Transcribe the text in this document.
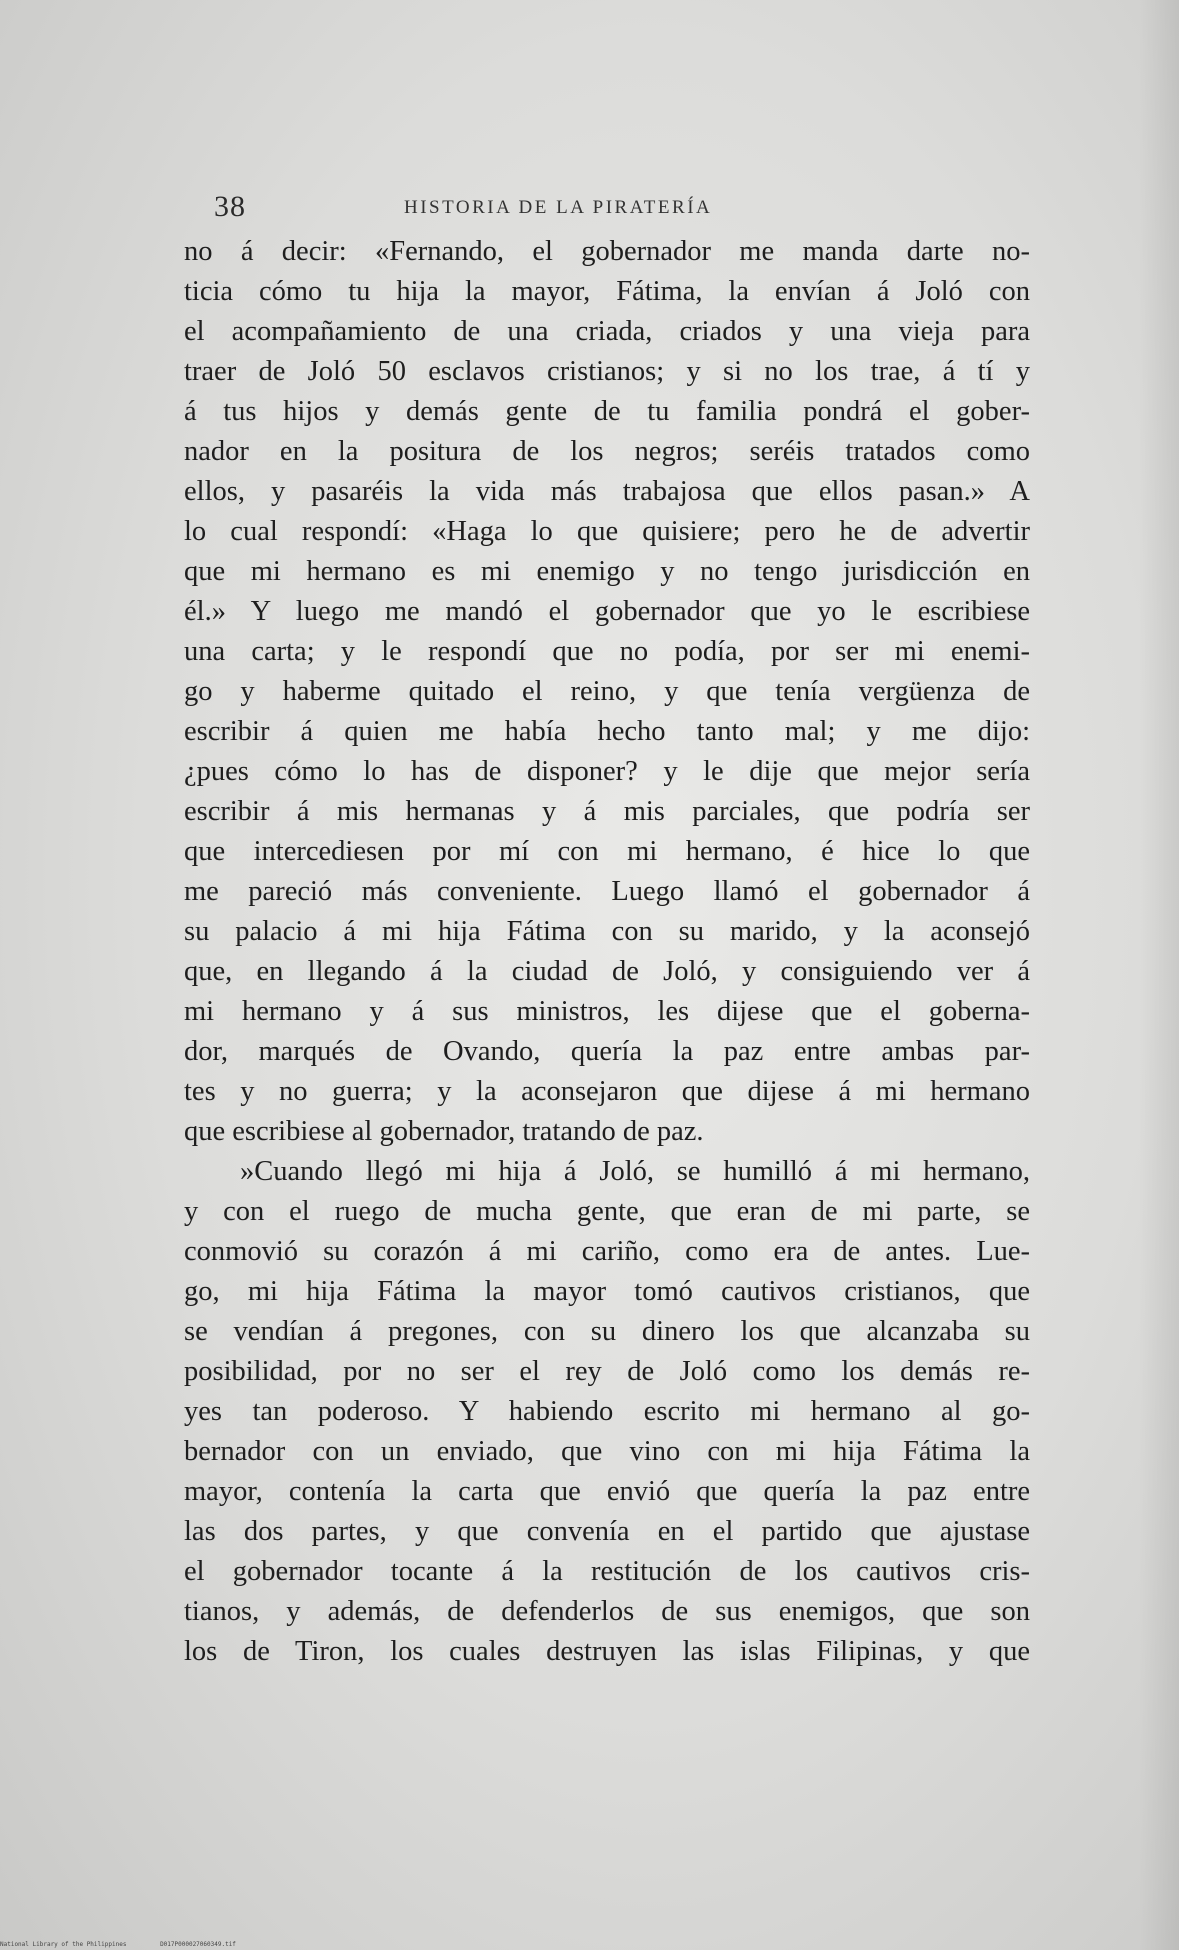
38	HISTORIA DE LA PIRATERÍA
no á decir: «Fernando, el gobernador me manda darte no-
ticia cómo tu hija la mayor, Fátima, la envían á Joló con
el acompañamiento de una criada, criados y una vieja para
traer de Joló 50 esclavos cristianos; y si no los trae, á tí y
á tus hijos y demás gente de tu familia pondrá el gober-
nador en la positura de los negros; seréis tratados como
ellos, y pasaréis la vida más trabajosa que ellos pasan.» A
lo cual respondí: «Haga lo que quisiere; pero he de advertir
que mi hermano es mi enemigo y no tengo jurisdicción en
él.» Y luego me mandó el gobernador que yo le escribiese
una carta; y le respondí que no podía, por ser mi enemi-
go y haberme quitado el reino, y que tenía vergüenza de
escribir á quien me había hecho tanto mal; y me dijo:
¿pues cómo lo has de disponer? y le dije que mejor sería
escribir á mis hermanas y á mis parciales, que podría ser
que intercediesen por mí con mi hermano, é hice lo que
me pareció más conveniente. Luego llamó el gobernador á
su palacio á mi hija Fátima con su marido, y la aconsejó
que, en llegando á la ciudad de Joló, y consiguiendo ver á
mi hermano y á sus ministros, les dijese que el goberna-
dor, marqués de Ovando, quería la paz entre ambas par-
tes y no guerra; y la aconsejaron que dijese á mi hermano
que escribiese al gobernador, tratando de paz.
»Cuando llegó mi hija á Joló, se humilló á mi hermano,
y con el ruego de mucha gente, que eran de mi parte, se
conmovió su corazón á mi cariño, como era de antes. Lue-
go, mi hija Fátima la mayor tomó cautivos cristianos, que
se vendían á pregones, con su dinero los que alcanzaba su
posibilidad, por no ser el rey de Joló como los demás re-
yes tan poderoso. Y habiendo escrito mi hermano al go-
bernador con un enviado, que vino con mi hija Fátima la
mayor, contenía la carta que envió que quería la paz entre
las dos partes, y que convenía en el partido que ajustase
el gobernador tocante á la restitución de los cautivos cris-
tianos, y además, de defenderlos de sus enemigos, que son
los de Tiron, los cuales destruyen las islas Filipinas, y que
National Library of the Philippines	D017P000027060349.tif
